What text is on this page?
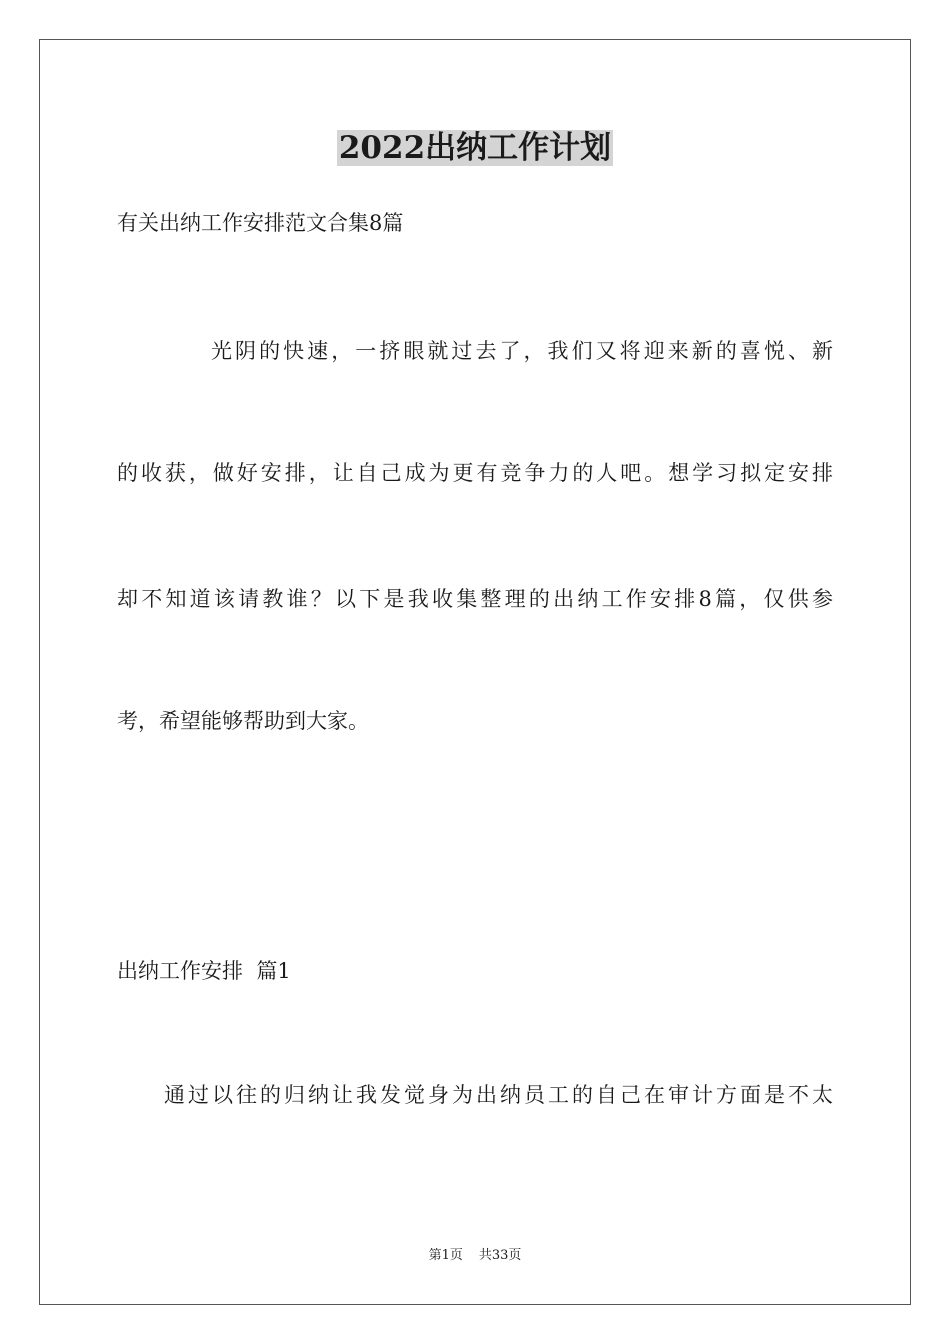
2022出纳工作计划
有关出纳工作安排范文合集8篇
光阴的快速，一挤眼就过去了，我们又将迎来新的喜悦、新
的收获，做好安排，让自己成为更有竞争力的人吧。想学习拟定安排
却不知道该请教谁？以下是我收集整理的出纳工作安排8篇，仅供参
考，希望能够帮助到大家。
出纳工作安排  篇1
通过以往的归纳让我发觉身为出纳员工的自己在审计方面是不太
第1页 共33页
